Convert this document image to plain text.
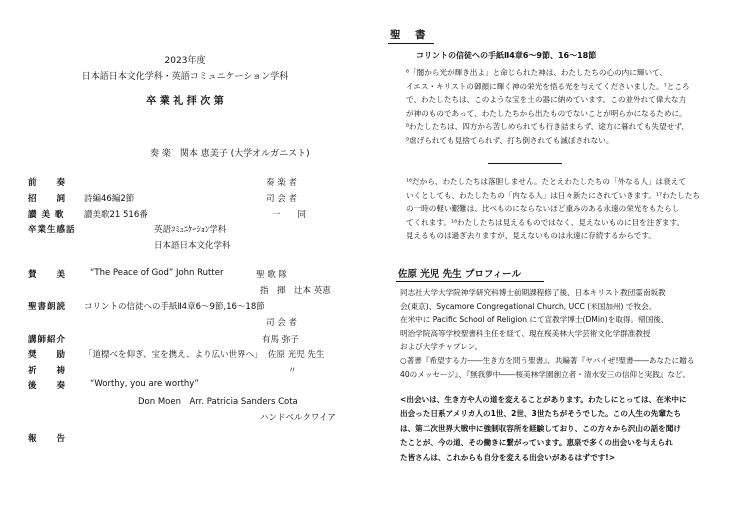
2023年度
日本語日本文化学科・英語コミュニケーション学科
卒 業 礼 拝 次 第
奏 楽　関本 恵美子 (大学オルガニスト)
前　　奏	奏 楽 者
招　　詞 詩編46編2節	司 会 者
讃 美 歌 讃美歌21 516番	一　　同
卒業生感話	英語ｺﾐｭﾆｹｰｼｮﾝ学科
日本語日本文化学科
賛　　美	“The Peace of God” John Rutter	聖 歌 隊
指　揮　辻本 英恵
聖書朗読 コリントの信徒への手紙Ⅱ4章6～9節,16～18節
司 会 者
講師紹介	有馬 弥子
奨　　励 「道標べを仰ぎ、宝を携え、より広い世界へ」 佐原 光児 先生
祈　　祷	〃
後　　奏	“Worthy, you are worthy”
Don Moen　Arr. Patricia Sanders Cota
ハンドベルクワイア
報　　告
聖　書
コリントの信徒への手紙Ⅱ4章6～9節、16～18節
⁶「闇から光が輝き出よ」と命じられた神は、わたしたちの心の内に輝いて、
イエス・キリストの御顔に輝く神の栄光を悟る光を与えてくださいました。⁷ところ
で、わたしたちは、このような宝を土の器に納めています。この並外れて偉大な力
が神のものであって、わたしたちから出たものでないことが明らかになるために。
⁸わたしたちは、四方から苦しめられても行き詰まらず、途方に暮れても失望せず、
⁹虐げられても見捨てられず、打ち倒されても滅ぼされない。
¹⁶だから、わたしたちは落胆しません。たとえわたしたちの「外なる人」は衰えて
いくとしても、わたしたちの「内なる人」は日々新たにされていきます。¹⁷わたしたち
の一時の軽い艱難は、比べものにならないほど重みのある永遠の栄光をもたらし
てくれます。¹⁸わたしたちは見えるものではなく、見えないものに目を注ぎます。
見えるものは過ぎ去りますが、見えないものは永遠に存続するからです。
佐原 光児 先生 プロフィール
同志社大学大学院神学研究科博士前期課程修了後、日本キリスト教団霊南坂教
会(東京)、Sycamore Congregational Church, UCC (米国加州) で牧会。
在米中に Pacific School of Religion にて宣教学博士(DMin)を取得。帰国後、
明治学院高等学校聖書科主任を経て、現在桜美林大学芸術文化学群准教授
および大学チャプレン。
○著書『希望する力――生き方を問う聖書』、共編著『ヤバイぜ!聖書――あなたに贈る
40のメッセージ』、『無我夢中――桜美林学園創立者・清水安三の信仰と実践』など。
<出会いは、生き方や人の道を変えることがあります。わたしにとっては、在米中に
出会った日系アメリカ人の1世、2世、3世たちがそうでした。この人生の先輩たち
は、第二次世界大戦中に強制収容所を経験しており、この方々から沢山の話を聞け
たことが、今の道、その働きに繋がっています。恵泉で多くの出会いを与えられ
た皆さんは、これからも自分を変える出会いがあるはずです!>
